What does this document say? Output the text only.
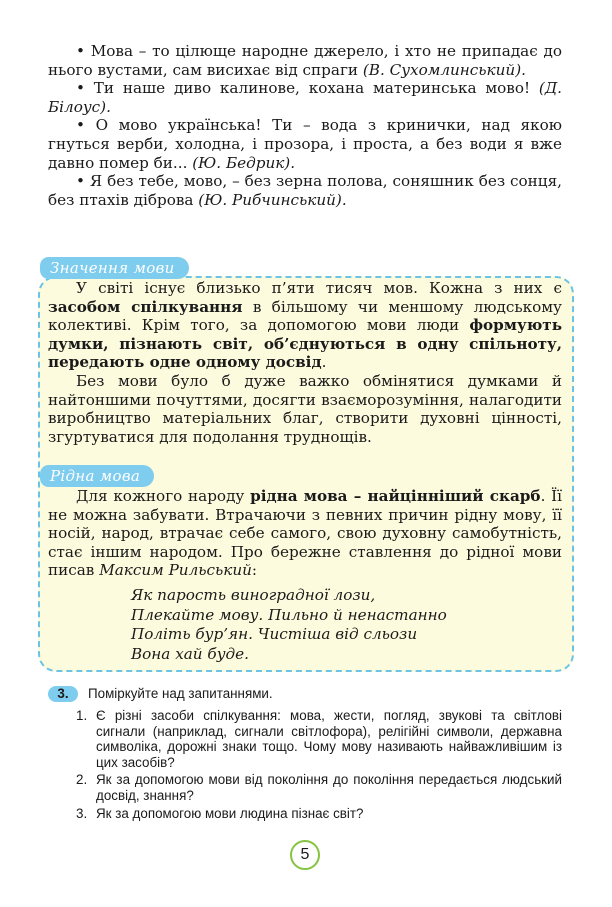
• Мова – то цілюще народне джерело, і хто не припадає до нього вустами, сам висихає від спраги (В. Сухомлинський).

• Ти наше диво калинове, кохана материнська мово! (Д. Білоус).

• О мово українська! Ти – вода з кринички, над якою гнуться верби, холодна, і прозора, і проста, а без води я вже давно помер би... (Ю. Бедрик).

• Я без тебе, мово, – без зерна полова, соняшник без сонця, без птахів діброва (Ю. Рибчинський).

Значення мови

У світі існує близько п’яти тисяч мов. Кожна з них є засобом спілкування в більшому чи меншому людському колективі. Крім того, за допомогою мови люди формують думки, пізнають світ, об’єднуються в одну спільноту, передають одне одному досвід.

Без мови було б дуже важко обмінятися думками й найтоншими почуттями, досягти взаєморозуміння, налагодити виробництво матеріальних благ, створити духовні цінності, згуртуватися для подолання труднощів.

Рідна мова

Для кожного народу рідна мова – найцінніший скарб. Її не можна забувати. Втрачаючи з певних причин рідну мову, її носій, народ, втрачає себе самого, свою духовну самобутність, стає іншим народом. Про бережне ставлення до рідної мови писав Максим Рильський:

Як парость виноградної лози,
Плекайте мову. Пильно й ненастанно
Політь бур’ян. Чистіша від сльози
Вона хай буде.
3.	Поміркуйте над запитаннями.
1. Є різні засоби спілкування: мова, жести, погляд, звукові та світлові сигнали (наприклад, сигнали світлофора), релігійні символи, державна символіка, дорожні знаки тощо. Чому мову називають найважливішим із цих засобів?
2. Як за допомогою мови від покоління до покоління передається людський досвід, знання?
3. Як за допомогою мови людина пізнає світ?
5
